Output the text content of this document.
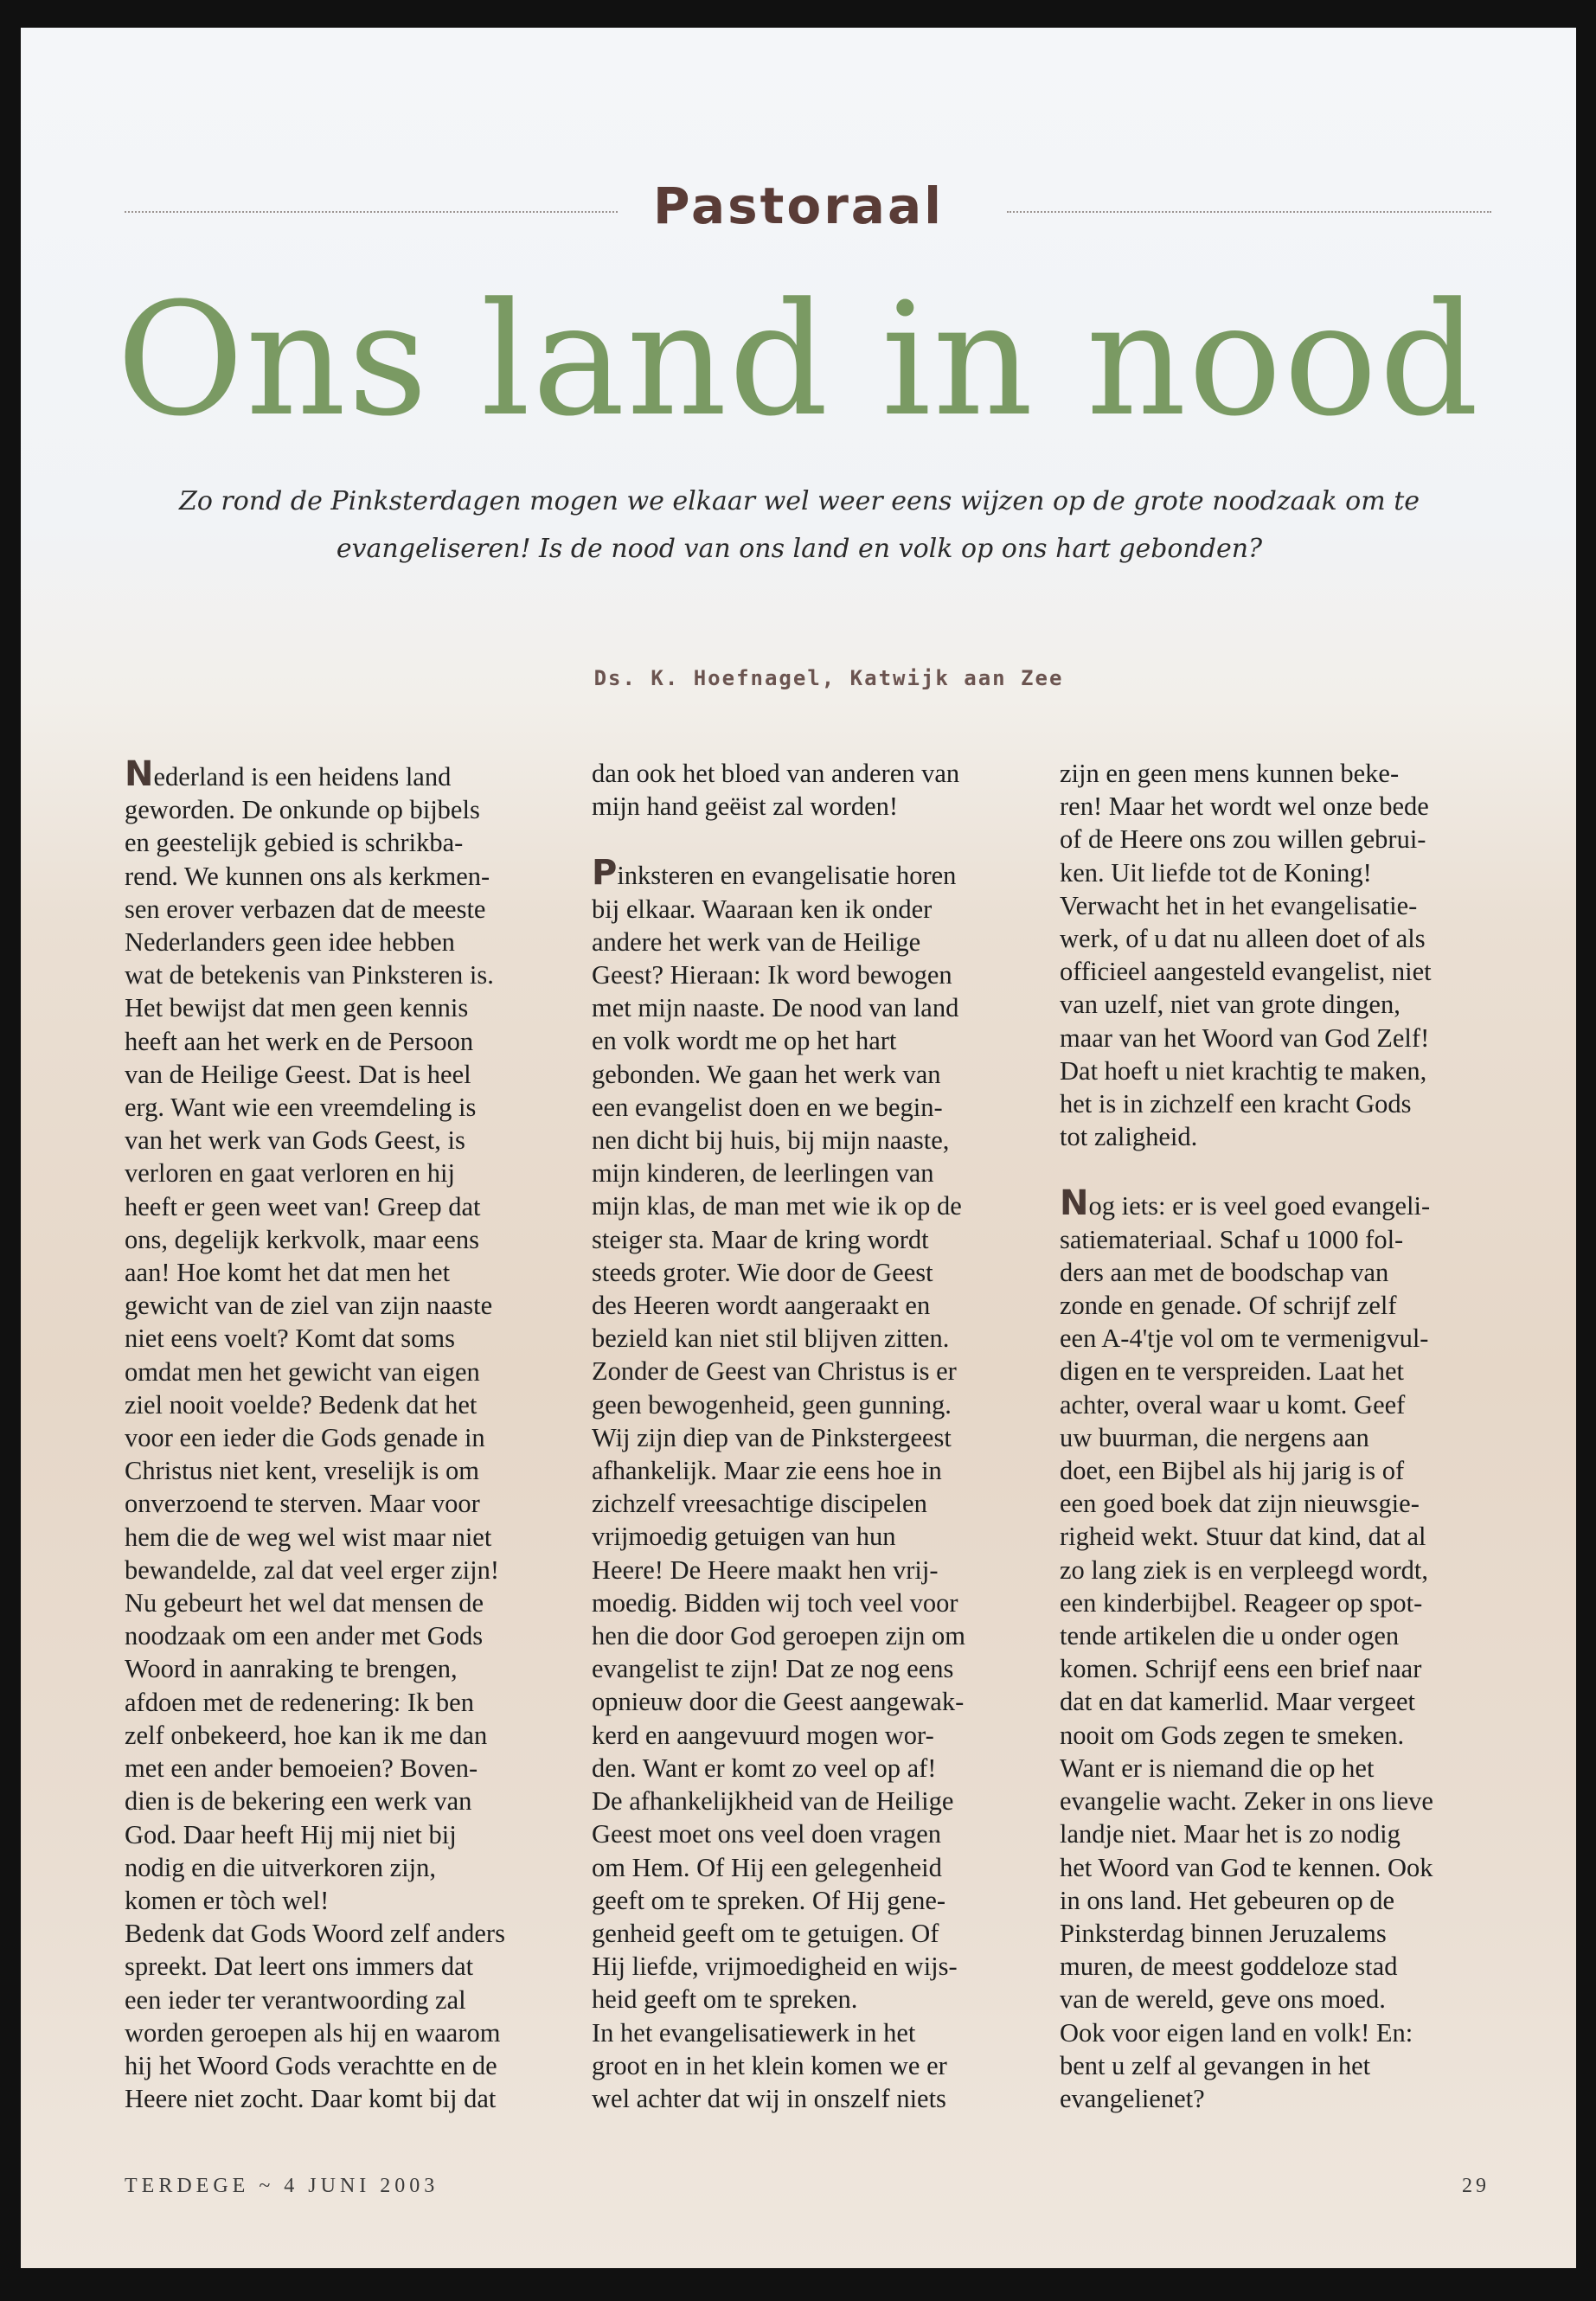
Pastoraal
Ons land in nood
Zo rond de Pinksterdagen mogen we elkaar wel weer eens wijzen op de grote noodzaak om te evangeliseren! Is de nood van ons land en volk op ons hart gebonden?
Ds. K. Hoefnagel, Katwijk aan Zee

Nederland is een heidens land
geworden. De onkunde op bijbels
en geestelijk gebied is schrikba-
rend. We kunnen ons als kerkmen-
sen erover verbazen dat de meeste
Nederlanders geen idee hebben
wat de betekenis van Pinksteren is.
Het bewijst dat men geen kennis
heeft aan het werk en de Persoon
van de Heilige Geest. Dat is heel
erg. Want wie een vreemdeling is
van het werk van Gods Geest, is
verloren en gaat verloren en hij
heeft er geen weet van! Greep dat
ons, degelijk kerkvolk, maar eens
aan! Hoe komt het dat men het
gewicht van de ziel van zijn naaste
niet eens voelt? Komt dat soms
omdat men het gewicht van eigen
ziel nooit voelde? Bedenk dat het
voor een ieder die Gods genade in
Christus niet kent, vreselijk is om
onverzoend te sterven. Maar voor
hem die de weg wel wist maar niet
bewandelde, zal dat veel erger zijn!
Nu gebeurt het wel dat mensen de
noodzaak om een ander met Gods
Woord in aanraking te brengen,
afdoen met de redenering: Ik ben
zelf onbekeerd, hoe kan ik me dan
met een ander bemoeien? Boven-
dien is de bekering een werk van
God. Daar heeft Hij mij niet bij
nodig en die uitverkoren zijn,
komen er tòch wel!
Bedenk dat Gods Woord zelf anders
spreekt. Dat leert ons immers dat
een ieder ter verantwoording zal
worden geroepen als hij en waarom
hij het Woord Gods verachtte en de
Heere niet zocht. Daar komt bij dat

dan ook het bloed van anderen van
mijn hand geëist zal worden!

Pinksteren en evangelisatie horen
bij elkaar. Waaraan ken ik onder
andere het werk van de Heilige
Geest? Hieraan: Ik word bewogen
met mijn naaste. De nood van land
en volk wordt me op het hart
gebonden. We gaan het werk van
een evangelist doen en we begin-
nen dicht bij huis, bij mijn naaste,
mijn kinderen, de leerlingen van
mijn klas, de man met wie ik op de
steiger sta. Maar de kring wordt
steeds groter. Wie door de Geest
des Heeren wordt aangeraakt en
bezield kan niet stil blijven zitten.
Zonder de Geest van Christus is er
geen bewogenheid, geen gunning.
Wij zijn diep van de Pinkstergeest
afhankelijk. Maar zie eens hoe in
zichzelf vreesachtige discipelen
vrijmoedig getuigen van hun
Heere! De Heere maakt hen vrij-
moedig. Bidden wij toch veel voor
hen die door God geroepen zijn om
evangelist te zijn! Dat ze nog eens
opnieuw door die Geest aangewak-
kerd en aangevuurd mogen wor-
den. Want er komt zo veel op af!
De afhankelijkheid van de Heilige
Geest moet ons veel doen vragen
om Hem. Of Hij een gelegenheid
geeft om te spreken. Of Hij gene-
genheid geeft om te getuigen. Of
Hij liefde, vrijmoedigheid en wijs-
heid geeft om te spreken.
In het evangelisatiewerk in het
groot en in het klein komen we er
wel achter dat wij in onszelf niets

zijn en geen mens kunnen beke-
ren! Maar het wordt wel onze bede
of de Heere ons zou willen gebrui-
ken. Uit liefde tot de Koning!
Verwacht het in het evangelisatie-
werk, of u dat nu alleen doet of als
officieel aangesteld evangelist, niet
van uzelf, niet van grote dingen,
maar van het Woord van God Zelf!
Dat hoeft u niet krachtig te maken,
het is in zichzelf een kracht Gods
tot zaligheid.

Nog iets: er is veel goed evangeli-
satiemateriaal. Schaf u 1000 fol-
ders aan met de boodschap van
zonde en genade. Of schrijf zelf
een A-4'tje vol om te vermenigvul-
digen en te verspreiden. Laat het
achter, overal waar u komt. Geef
uw buurman, die nergens aan
doet, een Bijbel als hij jarig is of
een goed boek dat zijn nieuwsgie-
righeid wekt. Stuur dat kind, dat al
zo lang ziek is en verpleegd wordt,
een kinderbijbel. Reageer op spot-
tende artikelen die u onder ogen
komen. Schrijf eens een brief naar
dat en dat kamerlid. Maar vergeet
nooit om Gods zegen te smeken.
Want er is niemand die op het
evangelie wacht. Zeker in ons lieve
landje niet. Maar het is zo nodig
het Woord van God te kennen. Ook
in ons land. Het gebeuren op de
Pinksterdag binnen Jeruzalems
muren, de meest goddeloze stad
van de wereld, geve ons moed.
Ook voor eigen land en volk! En:
bent u zelf al gevangen in het
evangelienet?

TERDEGE ~ 4 JUNI 2003	29
